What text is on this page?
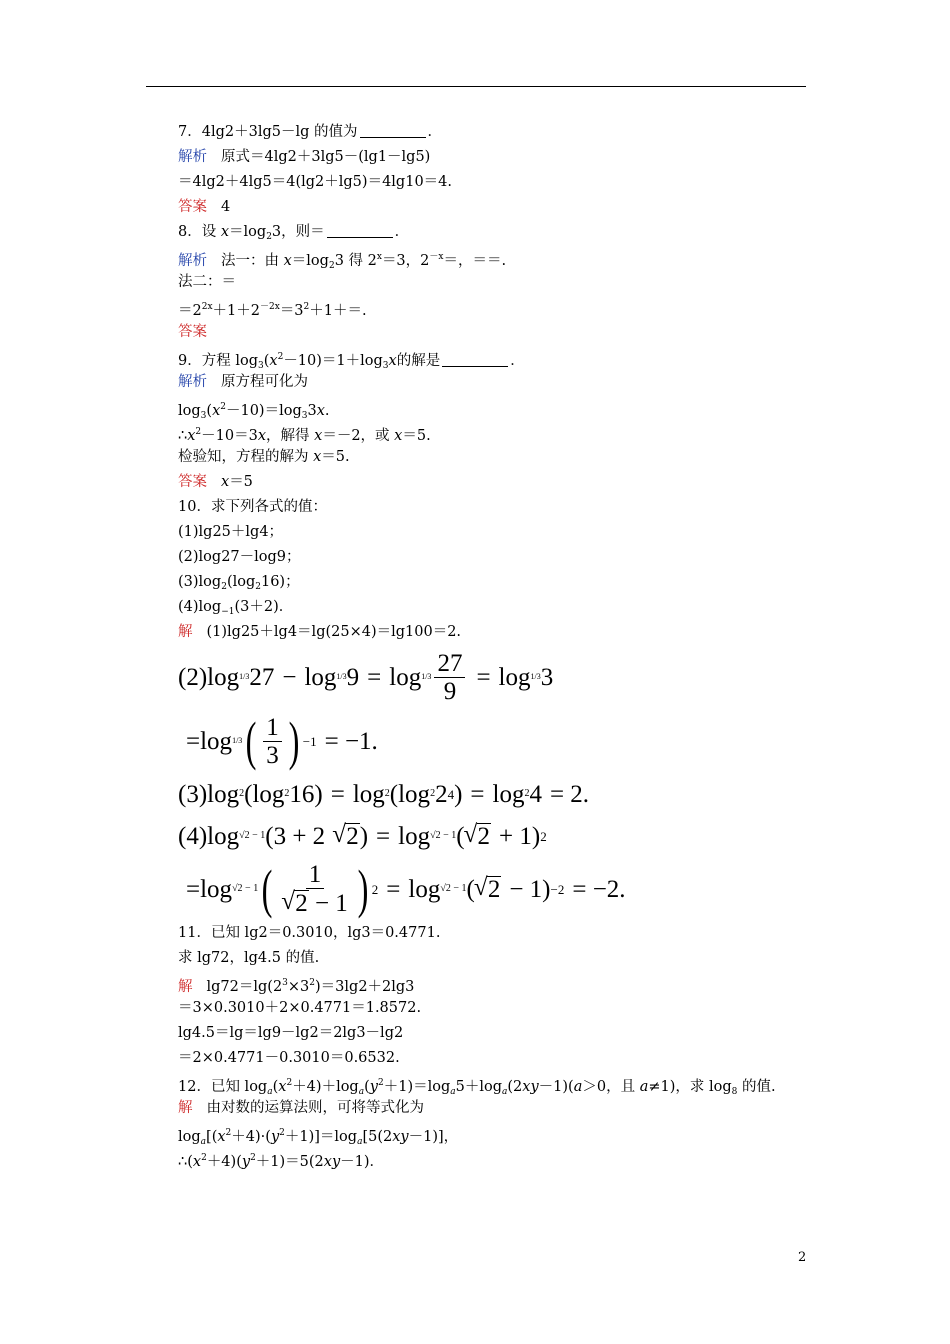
7．4lg2＋3lg5－lg 的值为	．
解析 原式＝4lg2＋3lg5－(lg1－lg5)
＝4lg2＋4lg5＝4(lg2＋lg5)＝4lg10＝4.
答案 4
8．设 $x=\log_23$，则＝	．
解析 法一：由 $x=\log_23$ 得 $2^x=3$，$2^{-x}=$，＝＝.
法二：＝
$=2^{2x}+1+2^{-2x}=3^2+1+=$.
答案
9．方程 $\log_3(x^2-10)=1+\log_3x$的解是	．
解析 原方程可化为
$\log_3(x^2-10)=\log_33x$.
$\therefore x^2-10=3x$，解得 x＝－2，或 x＝5.
检验知，方程的解为 x＝5.
答案 x＝5
10．求下列各式的值：
(1)lg25＋lg4；
(2)log27－log9；
$(3)\log_2(\log_216)$；
$(4)\log_{-1}(3+2)$．
解 (1)lg25＋lg4＝lg(25×4)＝lg100＝2.
(2) log 1/3 27 − log 1/3 $9 = \log 1/3 \frac{27}{9} = \log 1/3$ 3
= log 1/3 ( $\frac{1}{3}$ ) −1 = −1.
(3) log 2 ( log 2 16 ) = log 2 ( log 2 2 4 ) = log 2 4 = 2.
(4) log √2 − 1 ( 3 + 2 √ 2 ) = log √2 − 1 ( √ 2 + 1 ) 2
= log √2 − 1 ( 1
√ 2 − 1 ) 2 = log √2 − 1 ( √ 2 − 1 ) −2 = −2.
11．已知 lg2＝0.3010，lg3＝0.4771.
求 lg72，lg4.5 的值.
解 $\lg 72=\lg(2^3\times 3^2)=3\lg 2+2\lg 3$
＝3×0.3010＋2×0.4771＝1.8572.
lg4.5＝lg＝lg9－lg2＝2lg3－lg2
＝2×0.4771－0.3010＝0.6532.
12．已知 $\log_a(x^2+4)+\log_a(y^2+1)=\log_a5+\log_a(2xy-1)(a>0$，且 a≠1)，求 $\log_8$ 的值.
解 由对数的运算法则，可将等式化为
$\log_a[(x^2+4)\cdot(y^2+1)]=\log_a[5(2xy-1)]$，
$\therefore(x^2+4)(y^2+1)=5(2xy-1)$．
2
